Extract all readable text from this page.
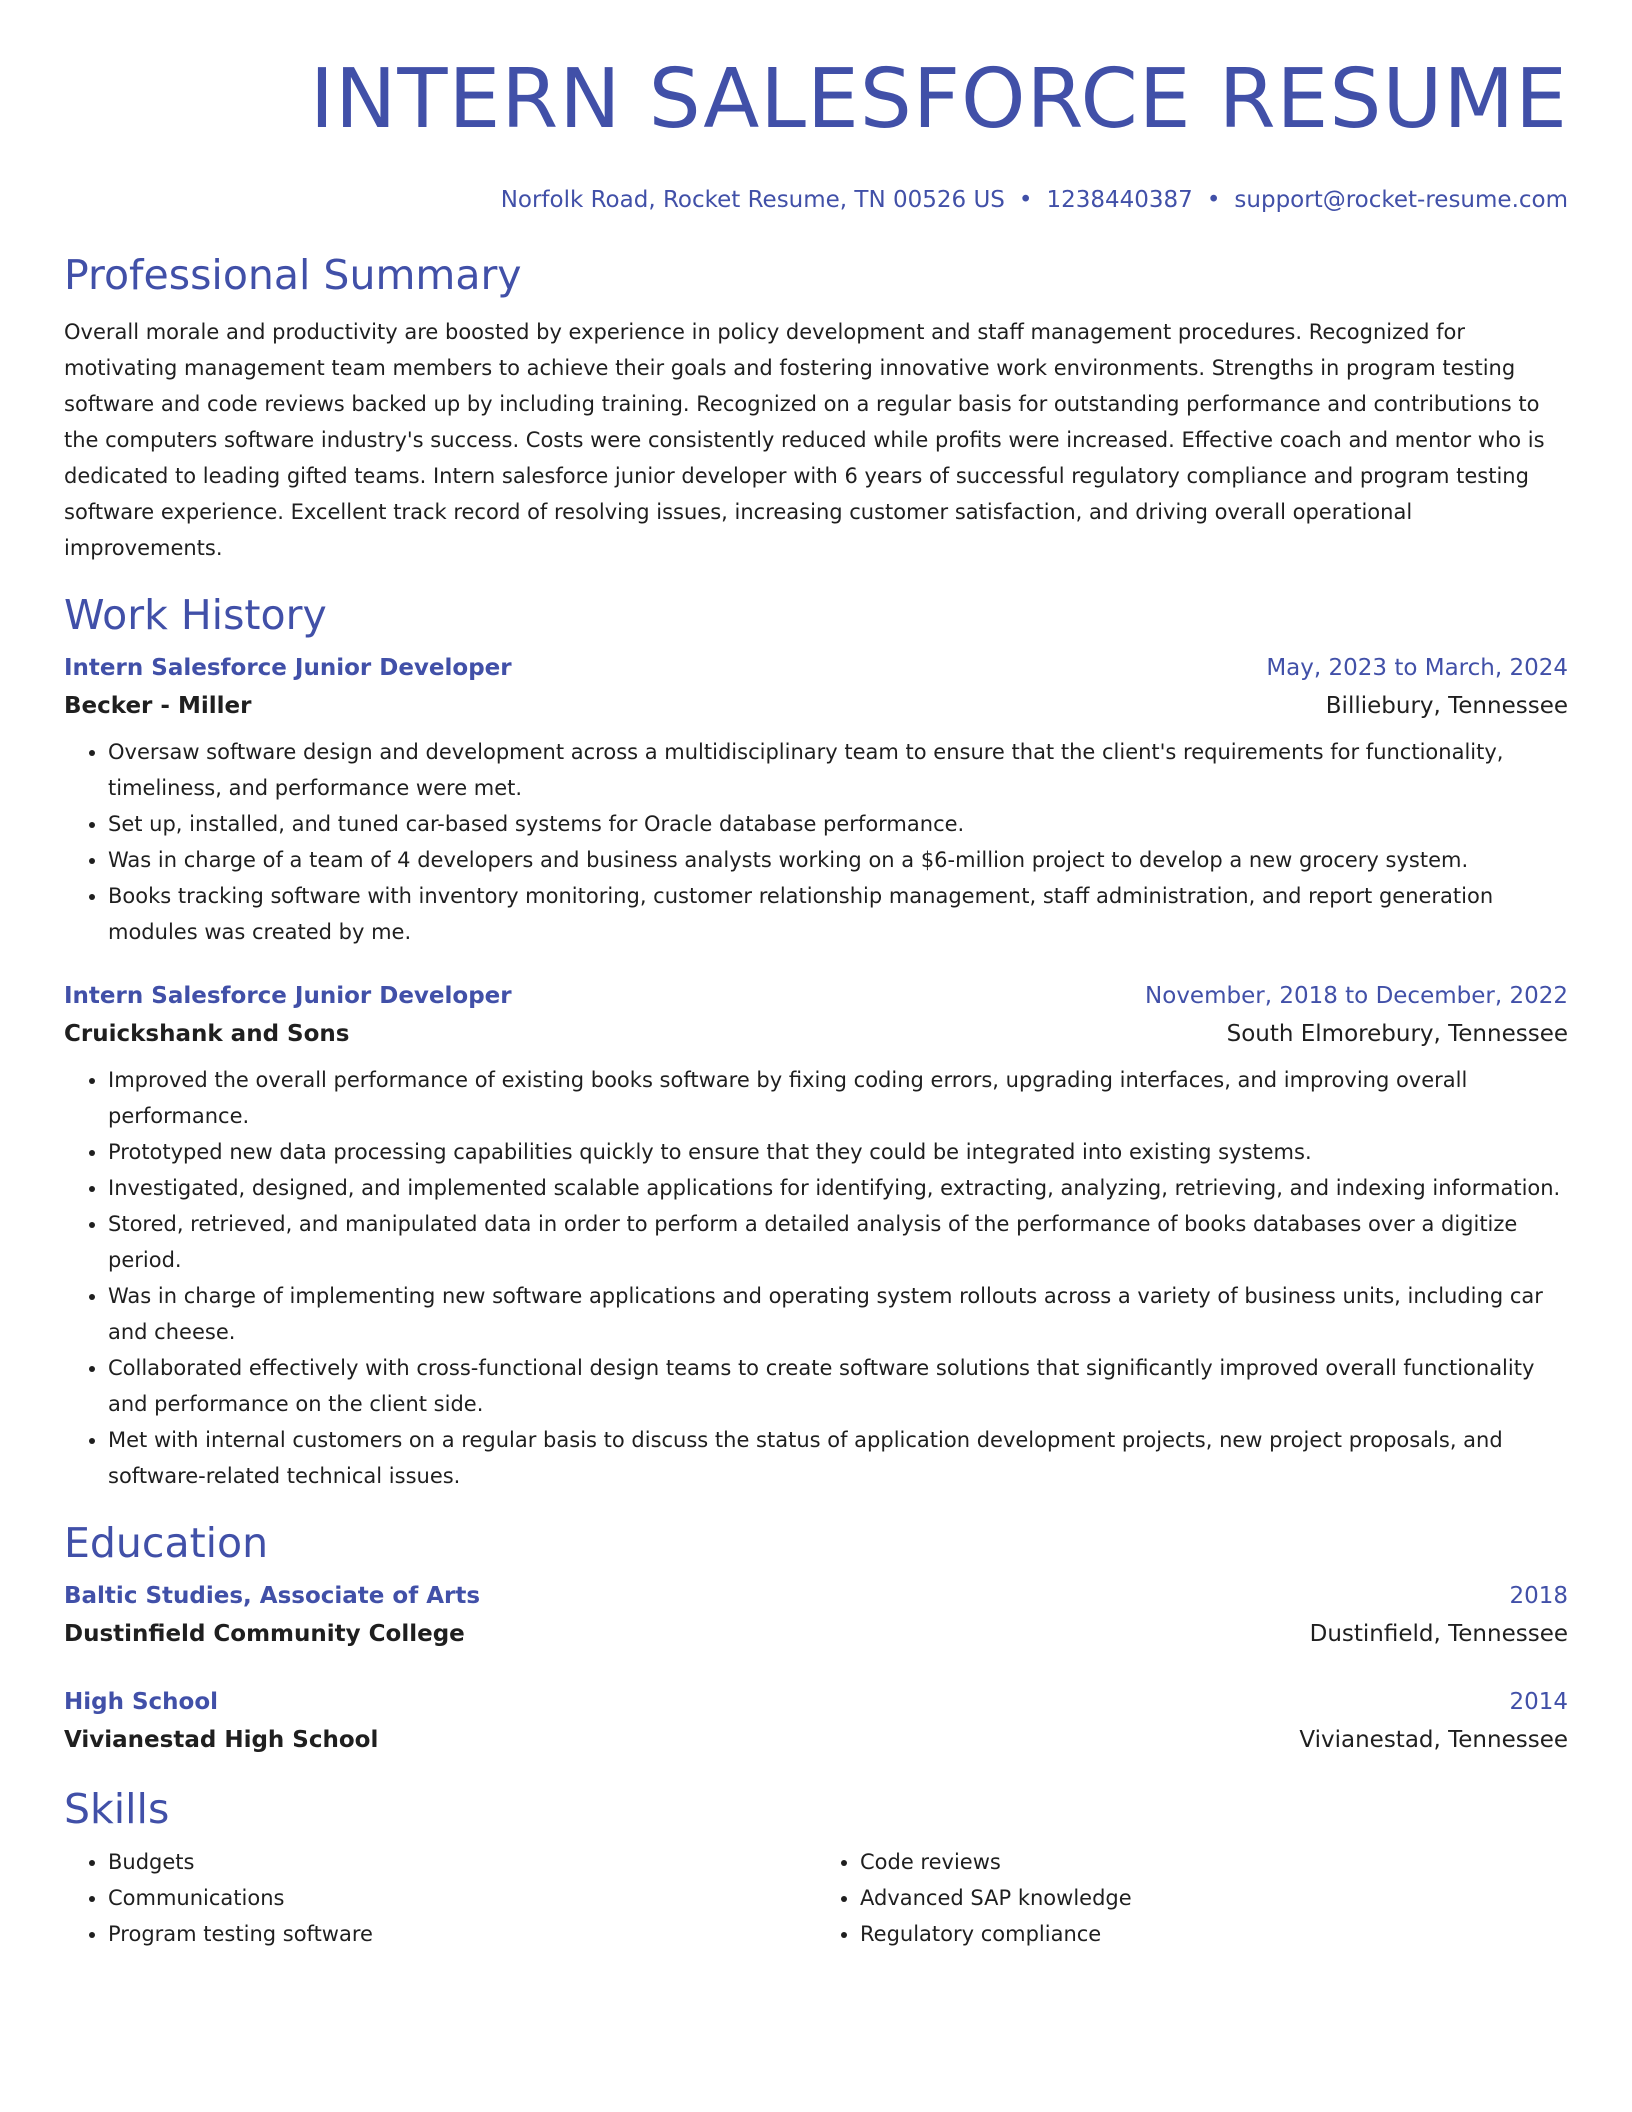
INTERN SALESFORCE RESUME
Norfolk Road, Rocket Resume, TN 00526 US • 1238440387 • support@rocket-resume.com
Professional Summary

Overall morale and productivity are boosted by experience in policy development and staff management procedures. Recognized for motivating management team members to achieve their goals and fostering innovative work environments. Strengths in program testing software and code reviews backed up by including training. Recognized on a regular basis for outstanding performance and contributions to the computers software industry's success. Costs were consistently reduced while profits were increased. Effective coach and mentor who is dedicated to leading gifted teams. Intern salesforce junior developer with 6 years of successful regulatory compliance and program testing software experience. Excellent track record of resolving issues, increasing customer satisfaction, and driving overall operational improvements.

Work History
Intern Salesforce Junior Developer	May, 2023 to March, 2024
Becker - Miller	Billiebury, Tennessee
• Oversaw software design and development across a multidisciplinary team to ensure that the client's requirements for functionality, timeliness, and performance were met.
• Set up, installed, and tuned car-based systems for Oracle database performance.
• Was in charge of a team of 4 developers and business analysts working on a $6-million project to develop a new grocery system.
• Books tracking software with inventory monitoring, customer relationship management, staff administration, and report generation modules was created by me.
Intern Salesforce Junior Developer	November, 2018 to December, 2022
Cruickshank and Sons	South Elmorebury, Tennessee
• Improved the overall performance of existing books software by fixing coding errors, upgrading interfaces, and improving overall performance.
• Prototyped new data processing capabilities quickly to ensure that they could be integrated into existing systems.
• Investigated, designed, and implemented scalable applications for identifying, extracting, analyzing, retrieving, and indexing information.
• Stored, retrieved, and manipulated data in order to perform a detailed analysis of the performance of books databases over a digitize period.
• Was in charge of implementing new software applications and operating system rollouts across a variety of business units, including car and cheese.
• Collaborated effectively with cross-functional design teams to create software solutions that significantly improved overall functionality and performance on the client side.
• Met with internal customers on a regular basis to discuss the status of application development projects, new project proposals, and software-related technical issues.
Education
Baltic Studies, Associate of Arts	2018
Dustinfield Community College	Dustinfield, Tennessee
High School	2014
Vivianestad High School	Vivianestad, Tennessee
Skills
• Budgets
• Communications
• Program testing software
• Code reviews
• Advanced SAP knowledge
• Regulatory compliance
